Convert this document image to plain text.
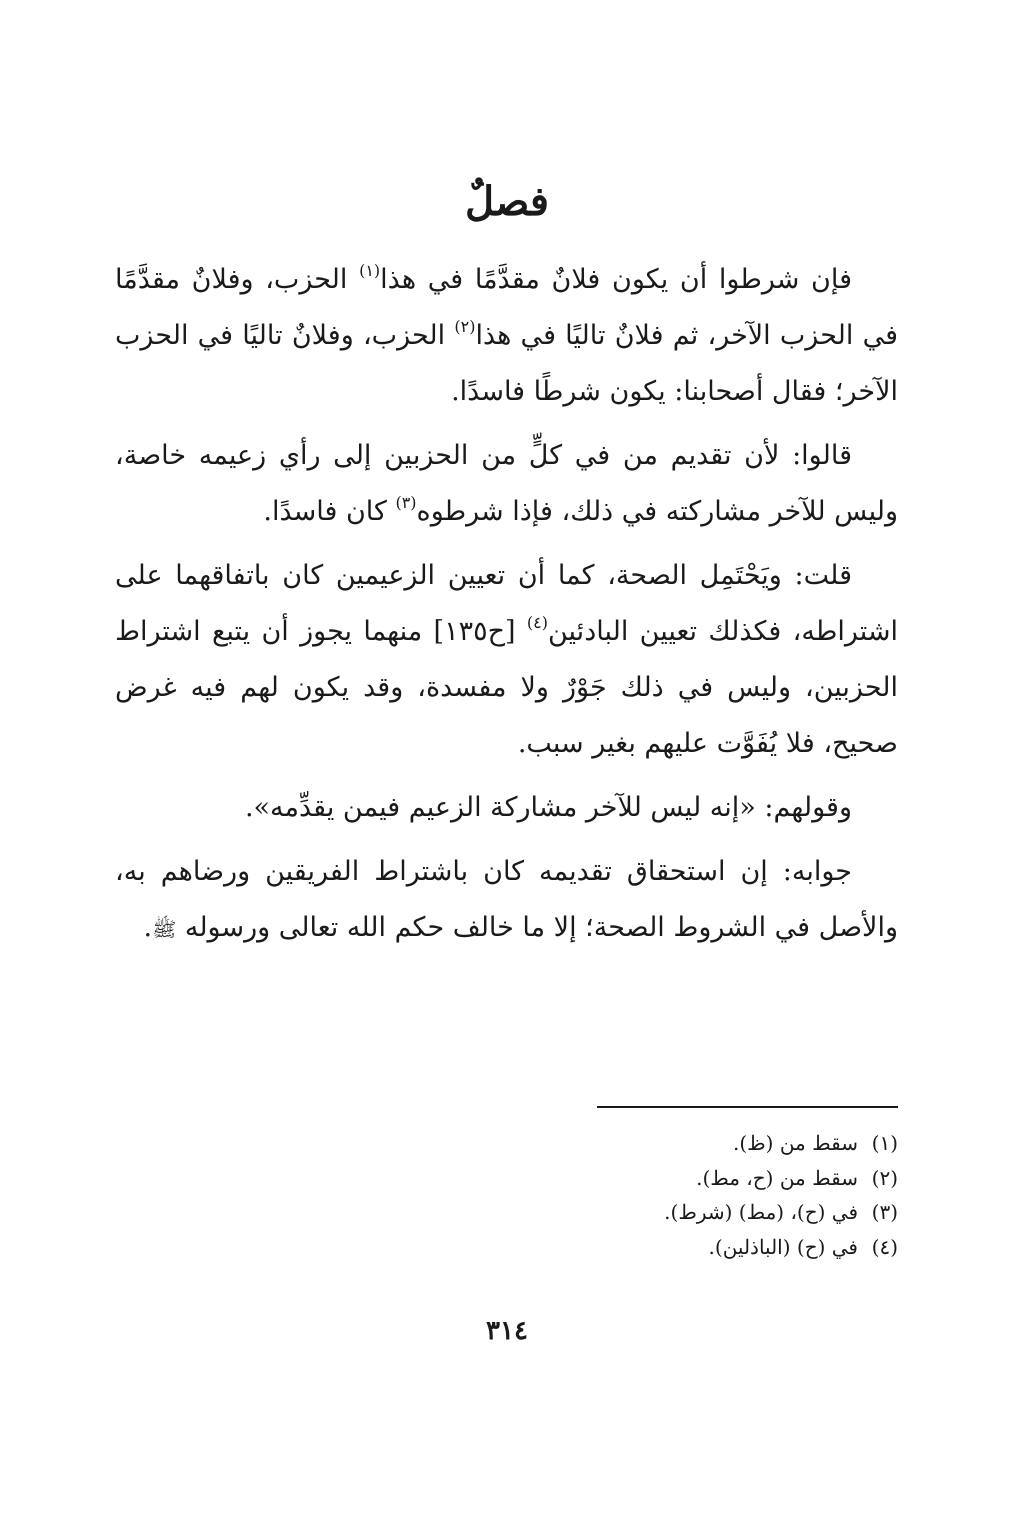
فصلٌ

فإن شرطوا أن يكون فلانٌ مقدَّمًا في هذا$^{(١)}$ الحزب، وفلانٌ مقدَّمًا في الحزب الآخر، ثم فلانٌ تاليًا في هذا$^{(٢)}$ الحزب، وفلانٌ تاليًا في الحزب الآخر؛ فقال أصحابنا: يكون شرطًا فاسدًا.

قالوا: لأن تقديم من في كلٍّ من الحزبين إلى رأي زعيمه خاصة، وليس للآخر مشاركته في ذلك، فإذا شرطوه$^{(٣)}$ كان فاسدًا.

قلت: ويَحْتَمِل الصحة، كما أن تعيين الزعيمين كان باتفاقهما على اشتراطه، فكذلك تعيين البادئين$^{(٤)}$ [ح١٣٥] منهما يجوز أن يتبع اشتراط الحزبين، وليس في ذلك جَوْرٌ ولا مفسدة، وقد يكون لهم فيه غرض صحيح، فلا يُفَوَّت عليهم بغير سبب.

وقولهم: «إنه ليس للآخر مشاركة الزعيم فيمن يقدِّمه».

جوابه: إن استحقاق تقديمه كان باشتراط الفريقين ورضاهم به، والأصل في الشروط الصحة؛ إلا ما خالف حكم الله تعالى ورسوله ﷺ.

(١)سقط من (ظ).
(٢)سقط من (ح، مط).
(٣)في (ح)، (مط) (شرط).
(٤)في (ح) (الباذلين).
٣١٤
